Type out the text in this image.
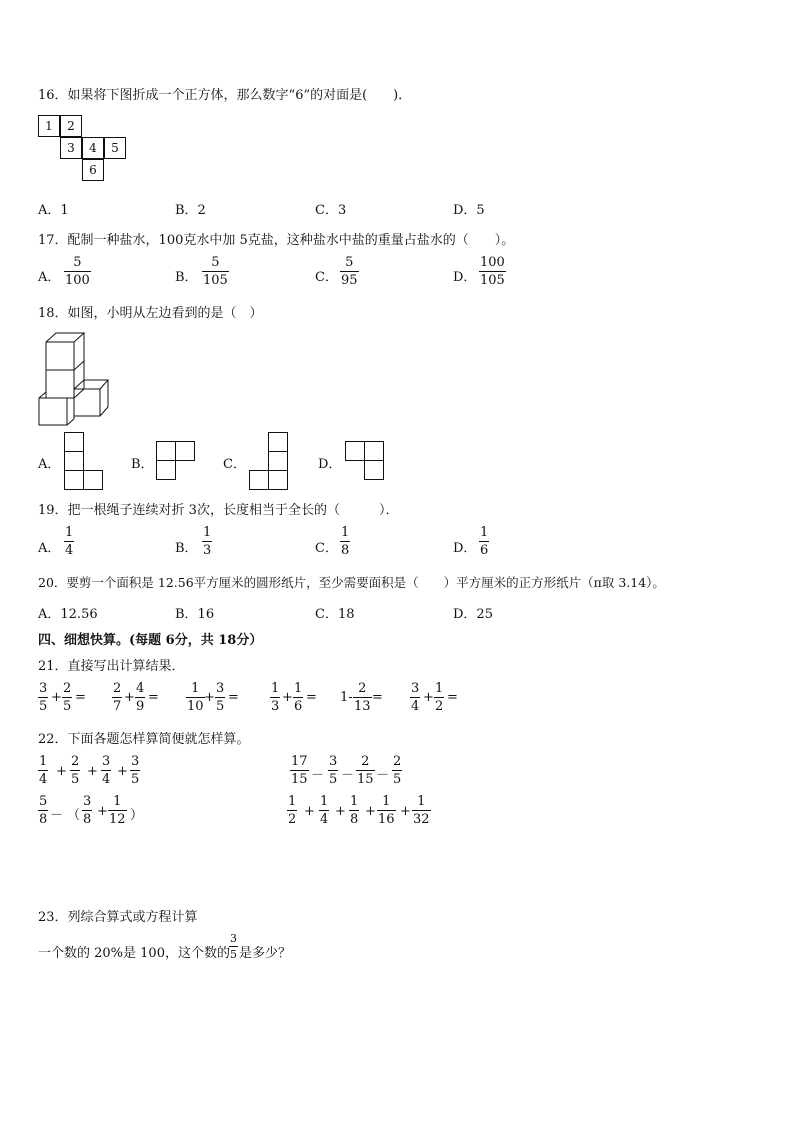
16．如果将下图折成一个正方体，那么数字“6”的对面是(　　)．
1	2
3	4	5
6
A．1	B．2	C．3	D．5
17．配制一种盐水，100克水中加 5克盐，这种盐水中盐的重量占盐水的（　　）。
A． $\frac{5}{100}$	B． $\frac{5}{105}$	C． $\frac{5}{95}$	D． $\frac{100}{105}$
18．如图，小明从左边看到的是（　）
A．	B．	C．	D．
19．把一根绳子连续对折 3次，长度相当于全长的（　　　）．
A． $\frac{1}{4}$	B． $\frac{1}{3}$	C． $\frac{1}{8}$	D． $\frac{1}{6}$
20．要剪一个面积是 12.56平方厘米的圆形纸片，至少需要面积是（　　）平方厘米的正方形纸片（π取 3.14）。
A．12.56	B．16	C．18	D．25
四、细想快算。(每题 6分，共 18分）
21．直接写出计算结果．
$\frac{3}{5} + \frac{2}{5} = \frac{2}{7} + \frac{4}{9} = \frac{1}{10} + \frac{3}{5} = \frac{1}{3} + \frac{1}{6} = 1- \frac{2}{13} = \frac{3}{4} + \frac{1}{2}$ =
22．下面各题怎样算简便就怎样算。
$\frac{1}{4} + \frac{2}{5} + \frac{3}{4} + \frac{3}{5}$	$\frac{17}{15} - \frac{3}{5} - \frac{2}{15} - \frac{2}{5}$
$\frac{5}{8}$ － （ $\frac{3}{8} + \frac{1}{12}$ ）	$\frac{1}{2} + \frac{1}{4} + \frac{1}{8} + \frac{1}{16} + \frac{1}{32}$
23．列综合算式或方程计算
一个数的 20%是 100，这个数的 $\frac{3}{5}$ 是多少？
